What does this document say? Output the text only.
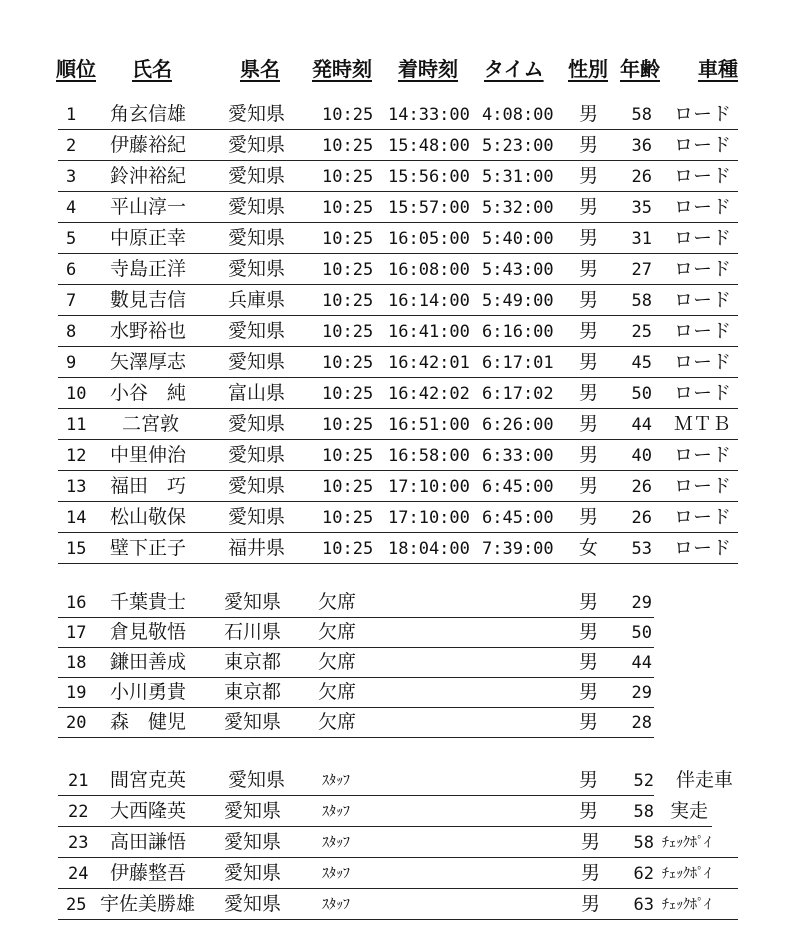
順位 氏名	県名 発時刻 着時刻 タイム 性別 年齢 車種
1 角玄信雄 愛知県 10:25 14:33:00 4:08:00 男	58 ロード
2 伊藤裕紀 愛知県 10:25 15:48:00 5:23:00 男	36 ロード
3 鈴沖裕紀 愛知県 10:25 15:56:00 5:31:00 男	26 ロード
4 平山淳一 愛知県 10:25 15:57:00 5:32:00 男	35 ロード
5 中原正幸 愛知県 10:25 16:05:00 5:40:00 男	31 ロード
6 寺島正洋 愛知県 10:25 16:08:00 5:43:00 男	27 ロード
7 數見吉信 兵庫県 10:25 16:14:00 5:49:00 男	58 ロード
8 水野裕也 愛知県 10:25 16:41:00 6:16:00 男	25 ロード
9 矢澤厚志 愛知県 10:25 16:42:01 6:17:01 男	45 ロード
10 小谷　純 富山県 10:25 16:42:02 6:17:02 男	50 ロード
11 二宮敦	愛知県 10:25 16:51:00 6:26:00 男	44 ＭＴＢ
12 中里伸治 愛知県 10:25 16:58:00 6:33:00 男	40 ロード
13 福田　巧 愛知県 10:25 17:10:00 6:45:00 男	26 ロード
14 松山敬保 愛知県 10:25 17:10:00 6:45:00 男	26 ロード
15 壁下正子 福井県 10:25 18:04:00 7:39:00 女	53 ロード
16 千葉貴士 愛知県 欠席	男	29
17 倉見敬悟 石川県 欠席	男	50
18 鎌田善成 東京都 欠席	男	44
19 小川勇貴 東京都 欠席	男	29
20 森　健児 愛知県 欠席	男	28
21 間宮克英 愛知県	ｽﾀｯﾌ	男	52 伴走車
22 大西隆英 愛知県	ｽﾀｯﾌ	男	58 実走
23 高田謙悟 愛知県	ｽﾀｯﾌ	男	58 ﾁｪｯｸﾎﾟｲ
24 伊藤整吾 愛知県	ｽﾀｯﾌ	男	62 ﾁｪｯｸﾎﾟｲ
25 宇佐美勝雄 愛知県	ｽﾀｯﾌ	男	63 ﾁｪｯｸﾎﾟｲ
